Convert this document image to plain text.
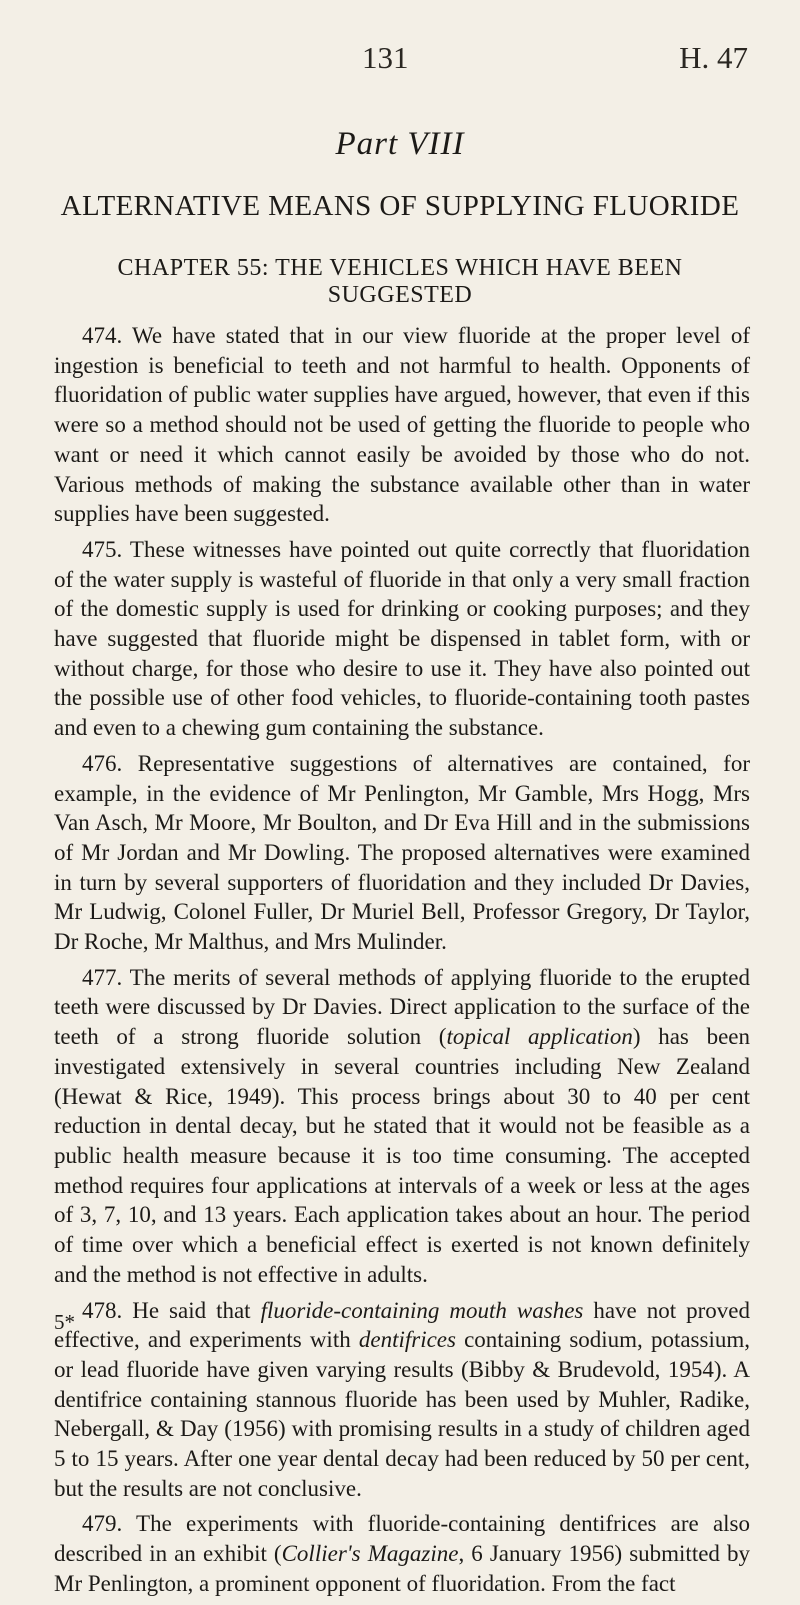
131	H. 47
Part VIII
ALTERNATIVE MEANS OF SUPPLYING FLUORIDE
CHAPTER 55: THE VEHICLES WHICH HAVE BEEN SUGGESTED

474. We have stated that in our view fluoride at the proper level of ingestion is beneficial to teeth and not harmful to health. Opponents of fluoridation of public water supplies have argued, however, that even if this were so a method should not be used of getting the fluoride to people who want or need it which cannot easily be avoided by those who do not. Various methods of making the substance available other than in water supplies have been suggested.

475. These witnesses have pointed out quite correctly that fluoridation of the water supply is wasteful of fluoride in that only a very small fraction of the domestic supply is used for drinking or cooking purposes; and they have suggested that fluoride might be dispensed in tablet form, with or without charge, for those who desire to use it. They have also pointed out the possible use of other food vehicles, to fluoride-containing tooth pastes and even to a chewing gum containing the substance.

476. Representative suggestions of alternatives are contained, for example, in the evidence of Mr Penlington, Mr Gamble, Mrs Hogg, Mrs Van Asch, Mr Moore, Mr Boulton, and Dr Eva Hill and in the submissions of Mr Jordan and Mr Dowling. The proposed alternatives were examined in turn by several supporters of fluoridation and they included Dr Davies, Mr Ludwig, Colonel Fuller, Dr Muriel Bell, Professor Gregory, Dr Taylor, Dr Roche, Mr Malthus, and Mrs Mulinder.

477. The merits of several methods of applying fluoride to the erupted teeth were discussed by Dr Davies. Direct application to the surface of the teeth of a strong fluoride solution (topical application) has been investigated extensively in several countries including New Zealand (Hewat & Rice, 1949). This process brings about 30 to 40 per cent reduction in dental decay, but he stated that it would not be feasible as a public health measure because it is too time consuming. The accepted method requires four applications at intervals of a week or less at the ages of 3, 7, 10, and 13 years. Each application takes about an hour. The period of time over which a beneficial effect is exerted is not known definitely and the method is not effective in adults.

478. He said that fluoride-containing mouth washes have not proved effective, and experiments with dentifrices containing sodium, potassium, or lead fluoride have given varying results (Bibby & Brudevold, 1954). A dentifrice containing stannous fluoride has been used by Muhler, Radike, Nebergall, & Day (1956) with promising results in a study of children aged 5 to 15 years. After one year dental decay had been reduced by 50 per cent, but the results are not conclusive.

479. The experiments with fluoride-containing dentifrices are also described in an exhibit (Collier's Magazine, 6 January 1956) submitted by Mr Penlington, a prominent opponent of fluoridation. From the fact

5*
